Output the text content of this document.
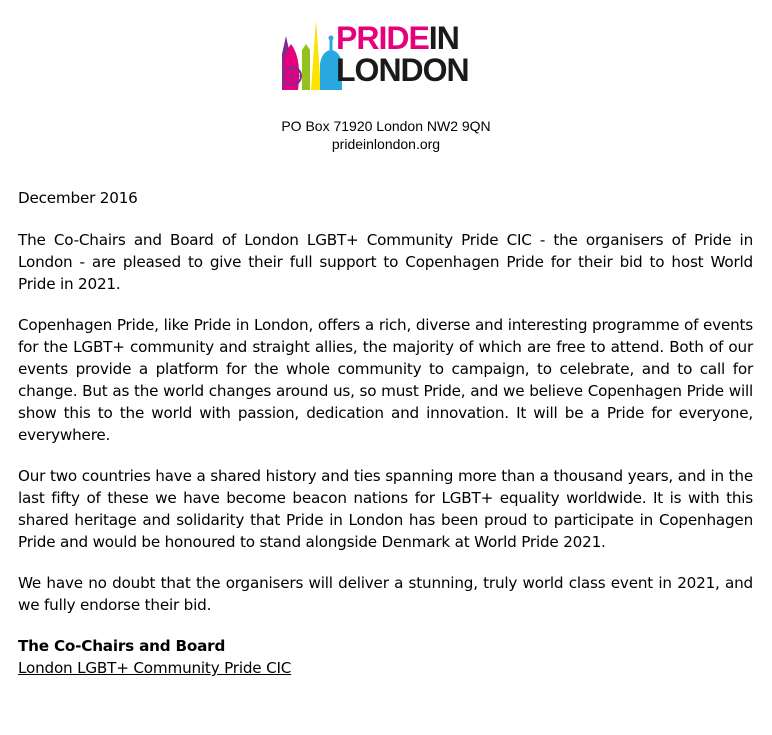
PRIDEIN
LONDON
PO Box 71920 London NW2 9QN
prideinlondon.org

December 2016

The Co-Chairs and Board of London LGBT+ Community Pride CIC - the organisers of Pride in London - are pleased to give their full support to Copenhagen Pride for their bid to host World Pride in 2021.

Copenhagen Pride, like Pride in London, offers a rich, diverse and interesting programme of events for the LGBT+ community and straight allies, the majority of which are free to attend. Both of our events provide a platform for the whole community to campaign, to celebrate, and to call for change. But as the world changes around us, so must Pride, and we believe Copenhagen Pride will show this to the world with passion, dedication and innovation. It will be a Pride for everyone, everywhere.

Our two countries have a shared history and ties spanning more than a thousand years, and in the last fifty of these we have become beacon nations for LGBT+ equality worldwide. It is with this shared heritage and solidarity that Pride in London has been proud to participate in Copenhagen Pride and would be honoured to stand alongside Denmark at World Pride 2021.

We have no doubt that the organisers will deliver a stunning, truly world class event in 2021, and we fully endorse their bid.

The Co-Chairs and Board

London LGBT+ Community Pride CIC
